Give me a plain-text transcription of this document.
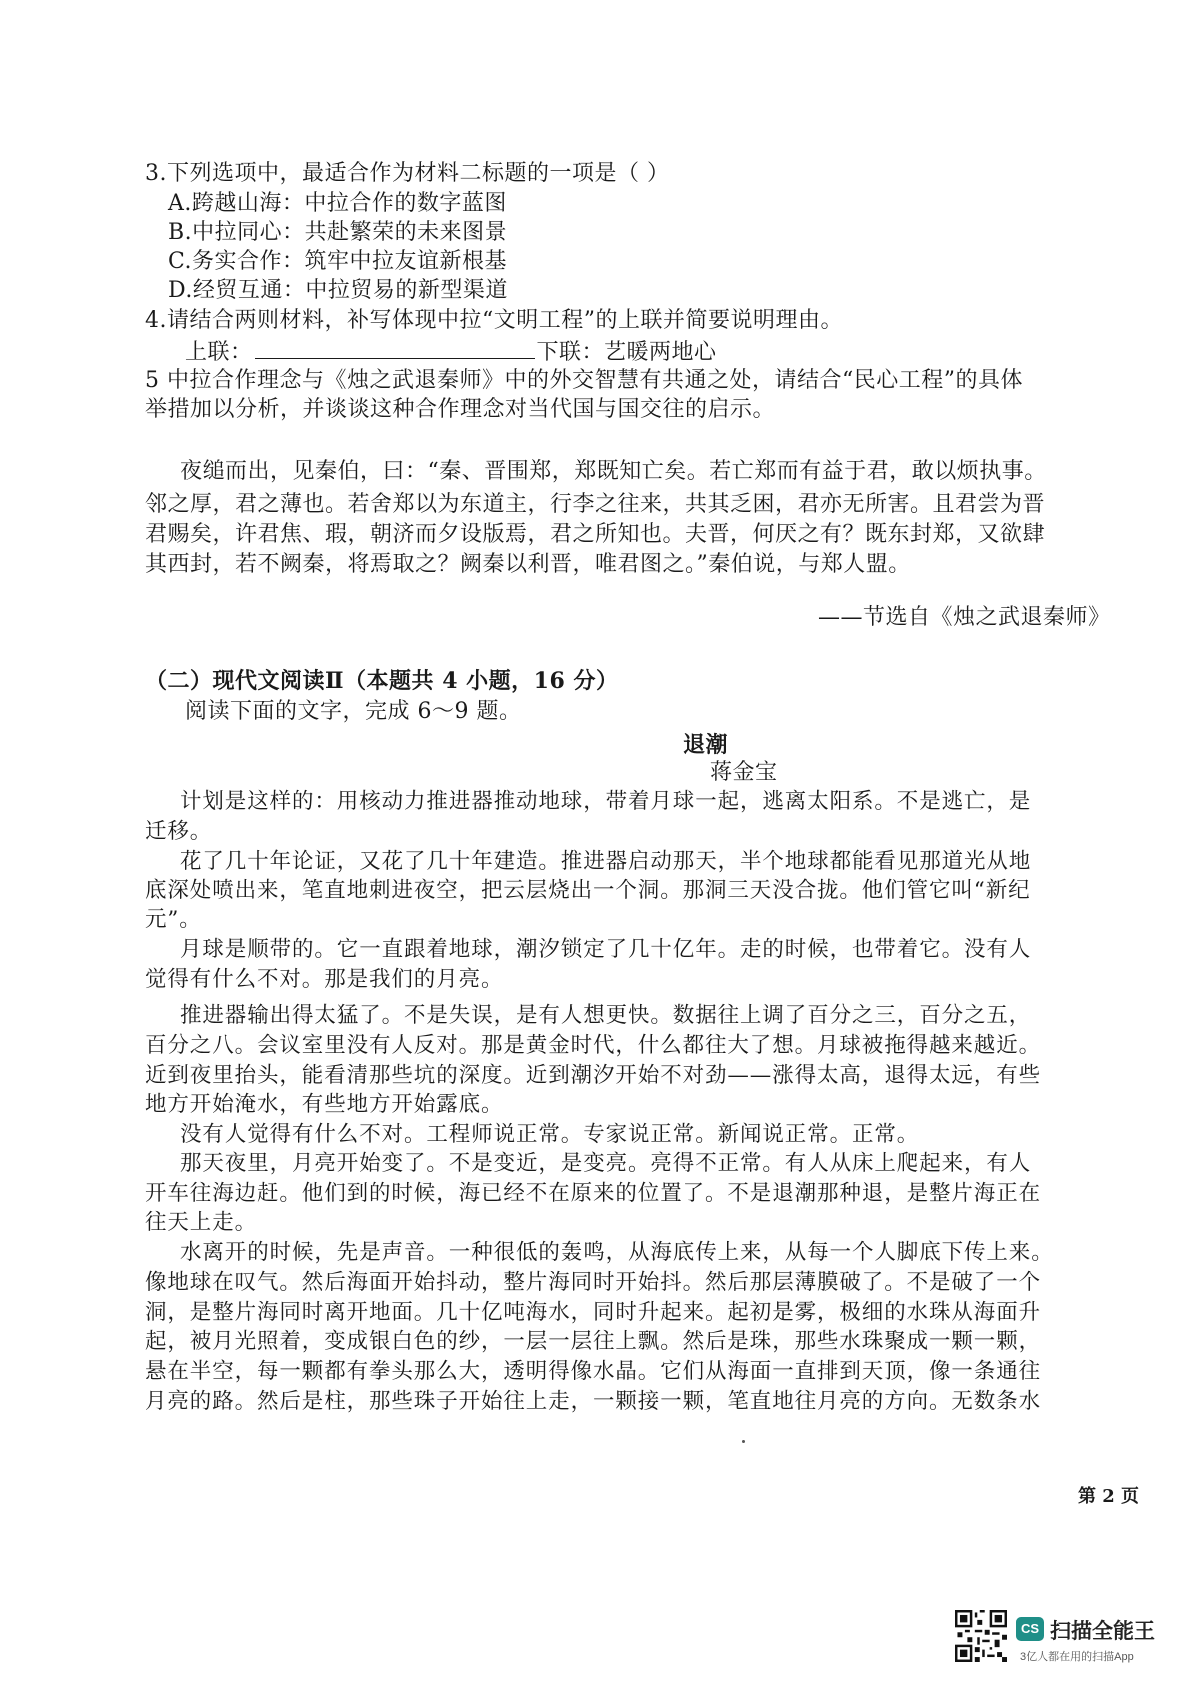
3.下列选项中，最适合作为材料二标题的一项是（ ）
A.跨越山海：中拉合作的数字蓝图
B.中拉同心：共赴繁荣的未来图景
C.务实合作：筑牢中拉友谊新根基
D.经贸互通：中拉贸易的新型渠道
4.请结合两则材料，补写体现中拉“文明工程”的上联并简要说明理由。
上联：	下联：艺暖两地心
5 中拉合作理念与《烛之武退秦师》中的外交智慧有共通之处，请结合“民心工程”的具体
举措加以分析，并谈谈这种合作理念对当代国与国交往的启示。
夜缒而出，见秦伯，曰：“秦、晋围郑，郑既知亡矣。若亡郑而有益于君，敢以烦执事。
邻之厚，君之薄也。若舍郑以为东道主，行李之往来，共其乏困，君亦无所害。且君尝为晋
君赐矣，许君焦、瑕，朝济而夕设版焉，君之所知也。夫晋，何厌之有？既东封郑，又欲肆
其西封，若不阙秦，将焉取之？阙秦以利晋，唯君图之。”秦伯说，与郑人盟。
——节选自《烛之武退秦师》
（二）现代文阅读Ⅱ（本题共 4 小题，16 分）
阅读下面的文字，完成 6～9 题。
退潮
蒋金宝
计划是这样的：用核动力推进器推动地球，带着月球一起，逃离太阳系。不是逃亡，是
迁移。
花了几十年论证，又花了几十年建造。推进器启动那天，半个地球都能看见那道光从地
底深处喷出来，笔直地刺进夜空，把云层烧出一个洞。那洞三天没合拢。他们管它叫“新纪
元”。
月球是顺带的。它一直跟着地球，潮汐锁定了几十亿年。走的时候，也带着它。没有人
觉得有什么不对。那是我们的月亮。
推进器输出得太猛了。不是失误，是有人想更快。数据往上调了百分之三，百分之五，
百分之八。会议室里没有人反对。那是黄金时代，什么都往大了想。月球被拖得越来越近。
近到夜里抬头，能看清那些坑的深度。近到潮汐开始不对劲——涨得太高，退得太远，有些
地方开始淹水，有些地方开始露底。
没有人觉得有什么不对。工程师说正常。专家说正常。新闻说正常。正常。
那天夜里，月亮开始变了。不是变近，是变亮。亮得不正常。有人从床上爬起来，有人
开车往海边赶。他们到的时候，海已经不在原来的位置了。不是退潮那种退，是整片海正在
往天上走。
水离开的时候，先是声音。一种很低的轰鸣，从海底传上来，从每一个人脚底下传上来。
像地球在叹气。然后海面开始抖动，整片海同时开始抖。然后那层薄膜破了。不是破了一个
洞，是整片海同时离开地面。几十亿吨海水，同时升起来。起初是雾，极细的水珠从海面升
起，被月光照着，变成银白色的纱，一层一层往上飘。然后是珠，那些水珠聚成一颗一颗，
悬在半空，每一颗都有拳头那么大，透明得像水晶。它们从海面一直排到天顶，像一条通往
月亮的路。然后是柱，那些珠子开始往上走，一颗接一颗，笔直地往月亮的方向。无数条水
第 2 页
CS 扫描全能王
3亿人都在用的扫描App
